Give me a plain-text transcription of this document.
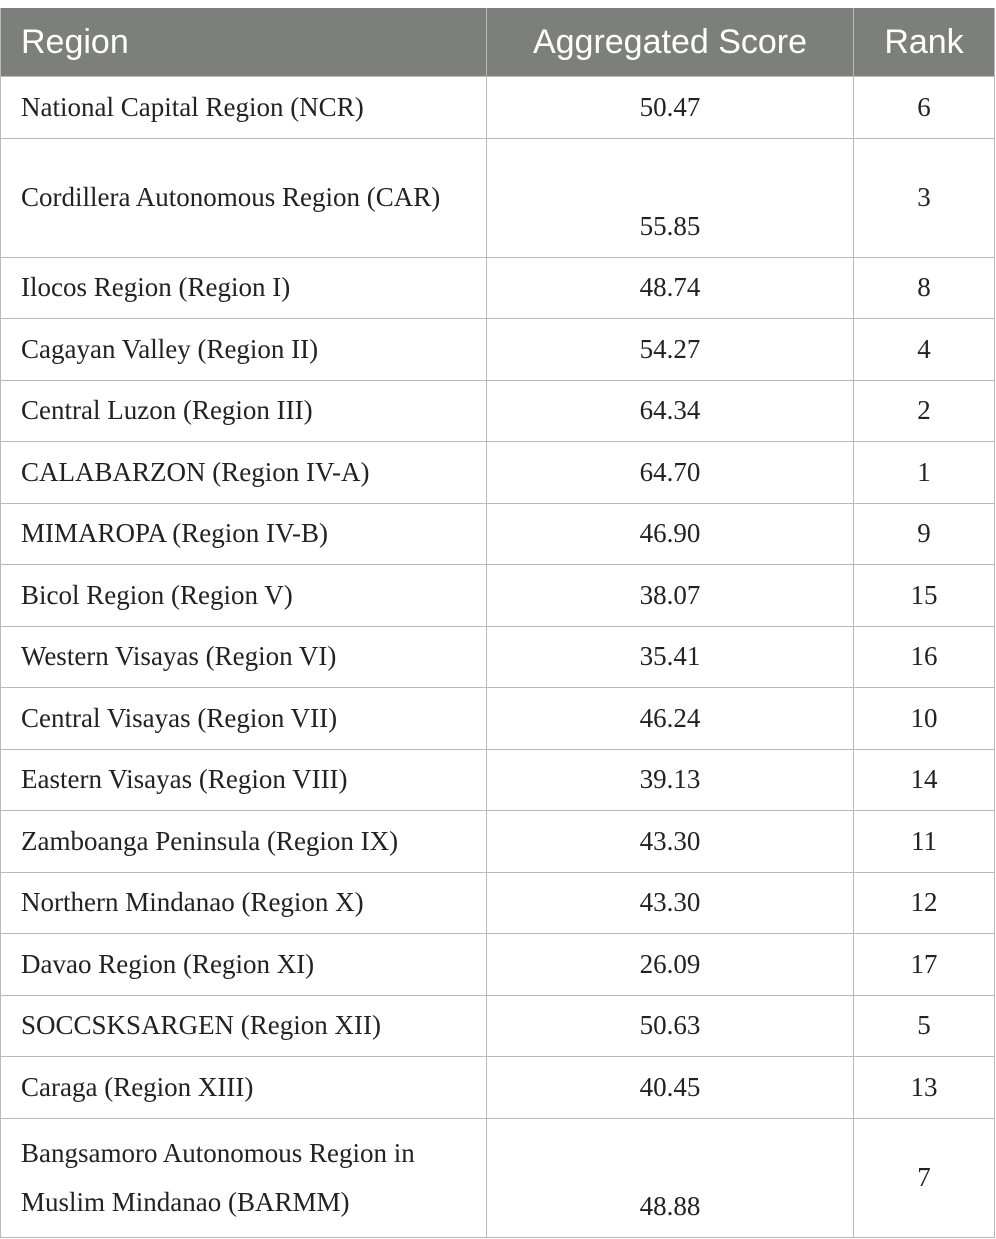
Region	Aggregated Score	Rank
National Capital Region (NCR)	50.47	6
Cordillera Autonomous Region (CAR)	55.85	3
Ilocos Region (Region I)	48.74	8
Cagayan Valley (Region II)	54.27	4
Central Luzon (Region III)	64.34	2
CALABARZON (Region IV-A)	64.70	1
MIMAROPA (Region IV-B)	46.90	9
Bicol Region (Region V)	38.07	15
Western Visayas (Region VI)	35.41	16
Central Visayas (Region VII)	46.24	10
Eastern Visayas (Region VIII)	39.13	14
Zamboanga Peninsula (Region IX)	43.30	11
Northern Mindanao (Region X)	43.30	12
Davao Region (Region XI)	26.09	17
SOCCSKSARGEN (Region XII)	50.63	5
Caraga (Region XIII)	40.45	13
Bangsamoro Autonomous Region in Muslim Mindanao (BARMM)	48.88	7
